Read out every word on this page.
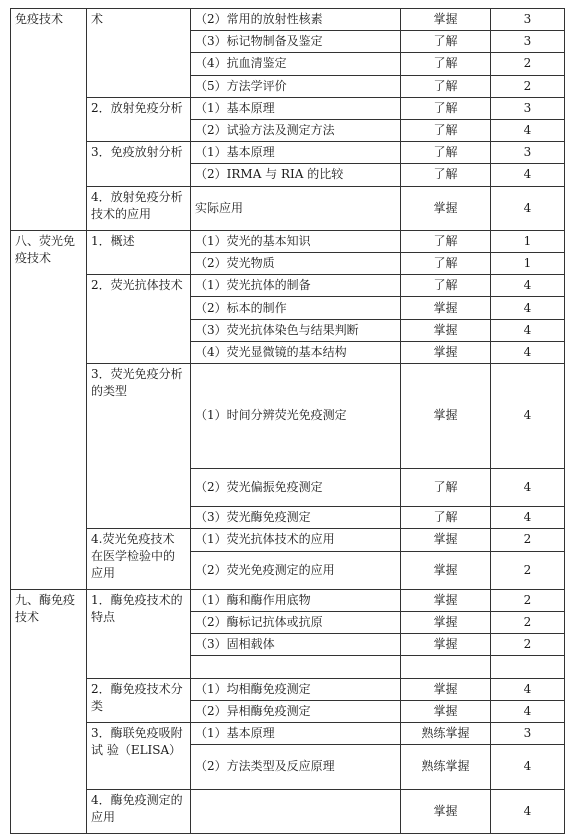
免疫技术	术	（2）常用的放射性核素	掌握	3
		（3）标记物制备及鉴定	了解	3
		（4）抗血清鉴定	了解	2
		（5）方法学评价	了解	2
	2．放射免疫分析	（1）基本原理	了解	3
		（2）试验方法及测定方法	了解	4
	3．免疫放射分析	（1）基本原理	了解	3
		（2）IRMA 与 RIA 的比较	了解	4
	4．放射免疫分析技术的应用	实际应用	掌握	4
八、荧光免疫技术	1．概述	（1）荧光的基本知识	了解	1
		（2）荧光物质	了解	1
	2．荧光抗体技术	（1）荧光抗体的制备	了解	4
		（2）标本的制作	掌握	4
		（3）荧光抗体染色与结果判断	掌握	4
		（4）荧光显微镜的基本结构	掌握	4
	3．荧光免疫分析的类型	（1）时间分辨荧光免疫测定	掌握	4
		（2）荧光偏振免疫测定	了解	4
		（3）荧光酶免疫测定	了解	4
	4.荧光免疫技术在医学检验中的应用	（1）荧光抗体技术的应用	掌握	2
		（2）荧光免疫测定的应用	掌握	2
九、酶免疫技术	1．酶免疫技术的特点	（1）酶和酶作用底物	掌握	2
		（2）酶标记抗体或抗原	掌握	2
		（3）固相载体	掌握	2

	2．酶免疫技术分类	（1）均相酶免疫测定	掌握	4
		（2）异相酶免疫测定	掌握	4
	3．酶联免疫吸附 试 验（ELISA）	（1）基本原理	熟练掌握	3
		（2）方法类型及反应原理	熟练掌握	4
	4．酶免疫测定的应用		掌握	4
